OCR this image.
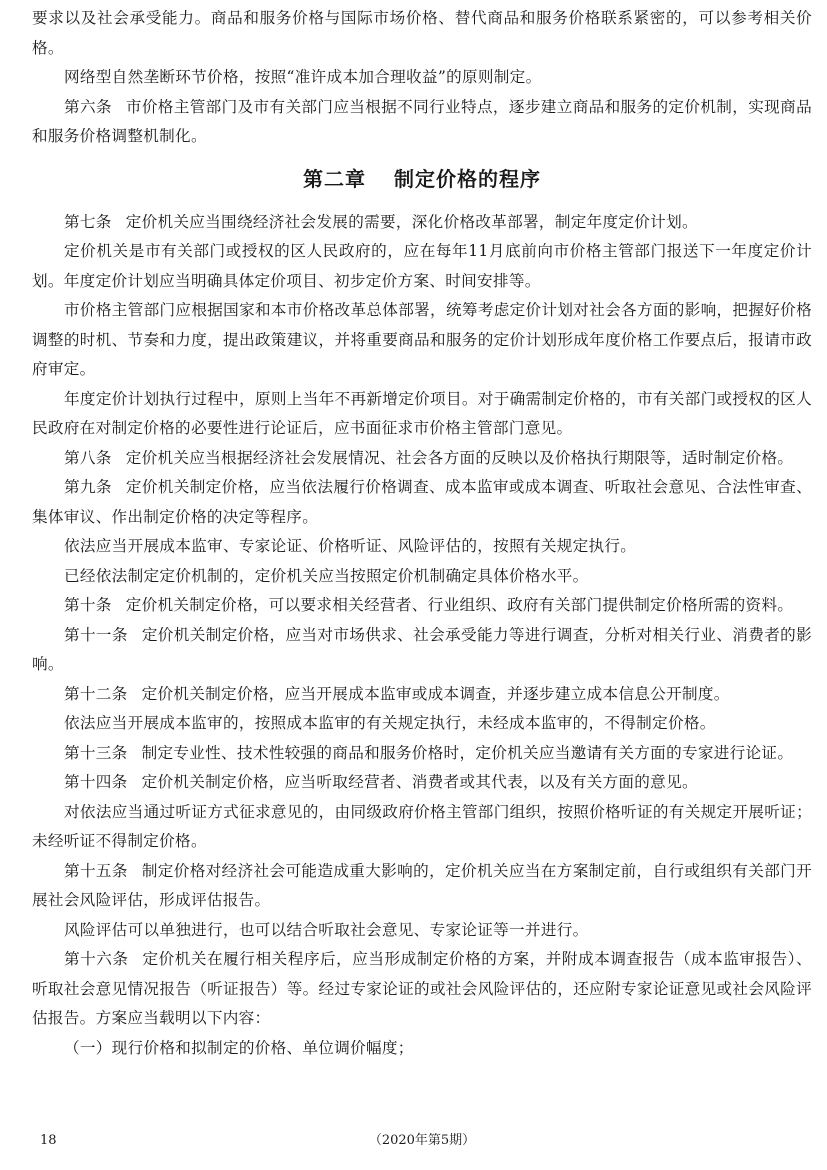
要求以及社会承受能力。商品和服务价格与国际市场价格、替代商品和服务价格联系紧密的，可以参考相关价格。

网络型自然垄断环节价格，按照“准许成本加合理收益”的原则制定。

第六条 市价格主管部门及市有关部门应当根据不同行业特点，逐步建立商品和服务的定价机制，实现商品和服务价格调整机制化。

第二章 制定价格的程序

第七条 定价机关应当围绕经济社会发展的需要，深化价格改革部署，制定年度定价计划。

定价机关是市有关部门或授权的区人民政府的，应在每年11月底前向市价格主管部门报送下一年度定价计划。年度定价计划应当明确具体定价项目、初步定价方案、时间安排等。

市价格主管部门应根据国家和本市价格改革总体部署，统筹考虑定价计划对社会各方面的影响，把握好价格调整的时机、节奏和力度，提出政策建议，并将重要商品和服务的定价计划形成年度价格工作要点后，报请市政府审定。

年度定价计划执行过程中，原则上当年不再新增定价项目。对于确需制定价格的，市有关部门或授权的区人民政府在对制定价格的必要性进行论证后，应书面征求市价格主管部门意见。

第八条 定价机关应当根据经济社会发展情况、社会各方面的反映以及价格执行期限等，适时制定价格。

第九条 定价机关制定价格，应当依法履行价格调查、成本监审或成本调查、听取社会意见、合法性审查、集体审议、作出制定价格的决定等程序。

依法应当开展成本监审、专家论证、价格听证、风险评估的，按照有关规定执行。

已经依法制定定价机制的，定价机关应当按照定价机制确定具体价格水平。

第十条 定价机关制定价格，可以要求相关经营者、行业组织、政府有关部门提供制定价格所需的资料。

第十一条 定价机关制定价格，应当对市场供求、社会承受能力等进行调查，分析对相关行业、消费者的影响。

第十二条 定价机关制定价格，应当开展成本监审或成本调查，并逐步建立成本信息公开制度。

依法应当开展成本监审的，按照成本监审的有关规定执行，未经成本监审的，不得制定价格。

第十三条 制定专业性、技术性较强的商品和服务价格时，定价机关应当邀请有关方面的专家进行论证。

第十四条 定价机关制定价格，应当听取经营者、消费者或其代表，以及有关方面的意见。

对依法应当通过听证方式征求意见的，由同级政府价格主管部门组织，按照价格听证的有关规定开展听证；未经听证不得制定价格。

第十五条 制定价格对经济社会可能造成重大影响的，定价机关应当在方案制定前，自行或组织有关部门开展社会风险评估，形成评估报告。

风险评估可以单独进行，也可以结合听取社会意见、专家论证等一并进行。

第十六条 定价机关在履行相关程序后，应当形成制定价格的方案，并附成本调查报告（成本监审报告）、听取社会意见情况报告（听证报告）等。经过专家论证的或社会风险评估的，还应附专家论证意见或社会风险评估报告。方案应当载明以下内容：

（一）现行价格和拟制定的价格、单位调价幅度；

18	（2020年第5期）
